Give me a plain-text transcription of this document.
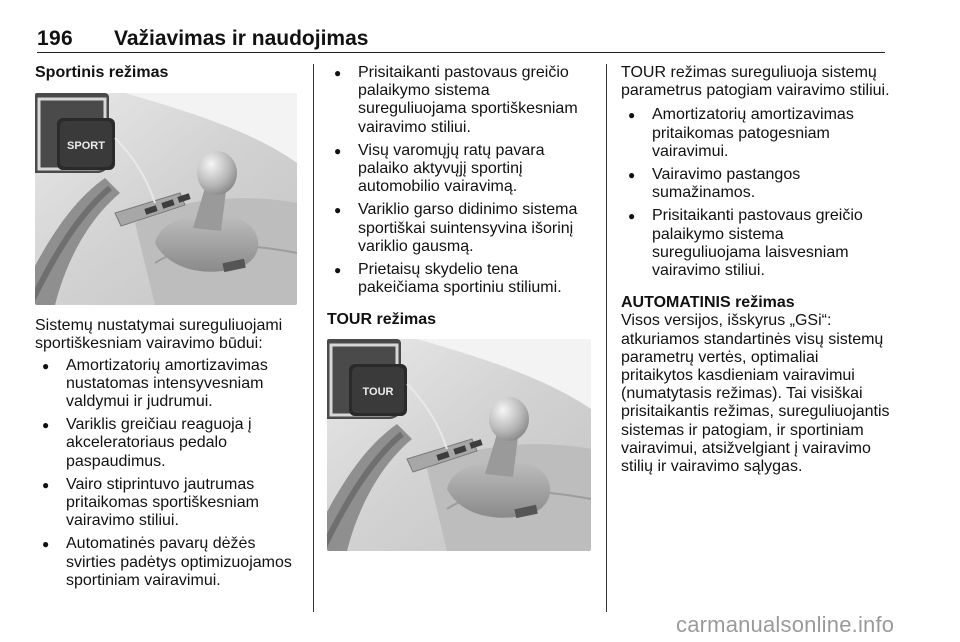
196 Važiavimas ir naudojimas
Sportinis režimas
SPORT

Sistemų nustatymai sureguliuojami sportiškesniam vairavimo būdui:

● Amortizatorių amortizavimas nustatomas intensyvesniam valdymui ir judrumui.
● Variklis greičiau reaguoja į akceleratoriaus pedalo paspaudimus.
● Vairo stiprintuvo jautrumas pritaikomas sportiškesniam vairavimo stiliui.
● Automatinės pavarų dėžės svirties padėtys optimizuojamos sportiniam vairavimui.
● Prisitaikanti pastovaus greičio palaikymo sistema sureguliuojama sportiškesniam vairavimo stiliui.
● Visų varomųjų ratų pavara palaiko aktyvųjį sportinį automobilio vairavimą.
● Variklio garso didinimo sistema sportiškai suintensyvina išorinį variklio gausmą.
● Prietaisų skydelio tena pakeičiama sportiniu stiliumi.
TOUR režimas
TOUR

TOUR režimas sureguliuoja sistemų parametrus patogiam vairavimo stiliui.

● Amortizatorių amortizavimas pritaikomas patogesniam vairavimui.
● Vairavimo pastangos sumažinamos.
● Prisitaikanti pastovaus greičio palaikymo sistema sureguliuojama laisvesniam vairavimo stiliui.
AUTOMATINIS režimas

Visos versijos, išskyrus „GSi“: atkuriamos standartinės visų sistemų parametrų vertės, optimaliai pritaikytos kasdieniam vairavimui (numatytasis režimas). Tai visiškai prisitaikantis režimas, sureguliuojantis sistemas ir patogiam, ir sportiniam vairavimui, atsižvelgiant į vairavimo stilių ir vairavimo sąlygas.

carmanualsonline.info
